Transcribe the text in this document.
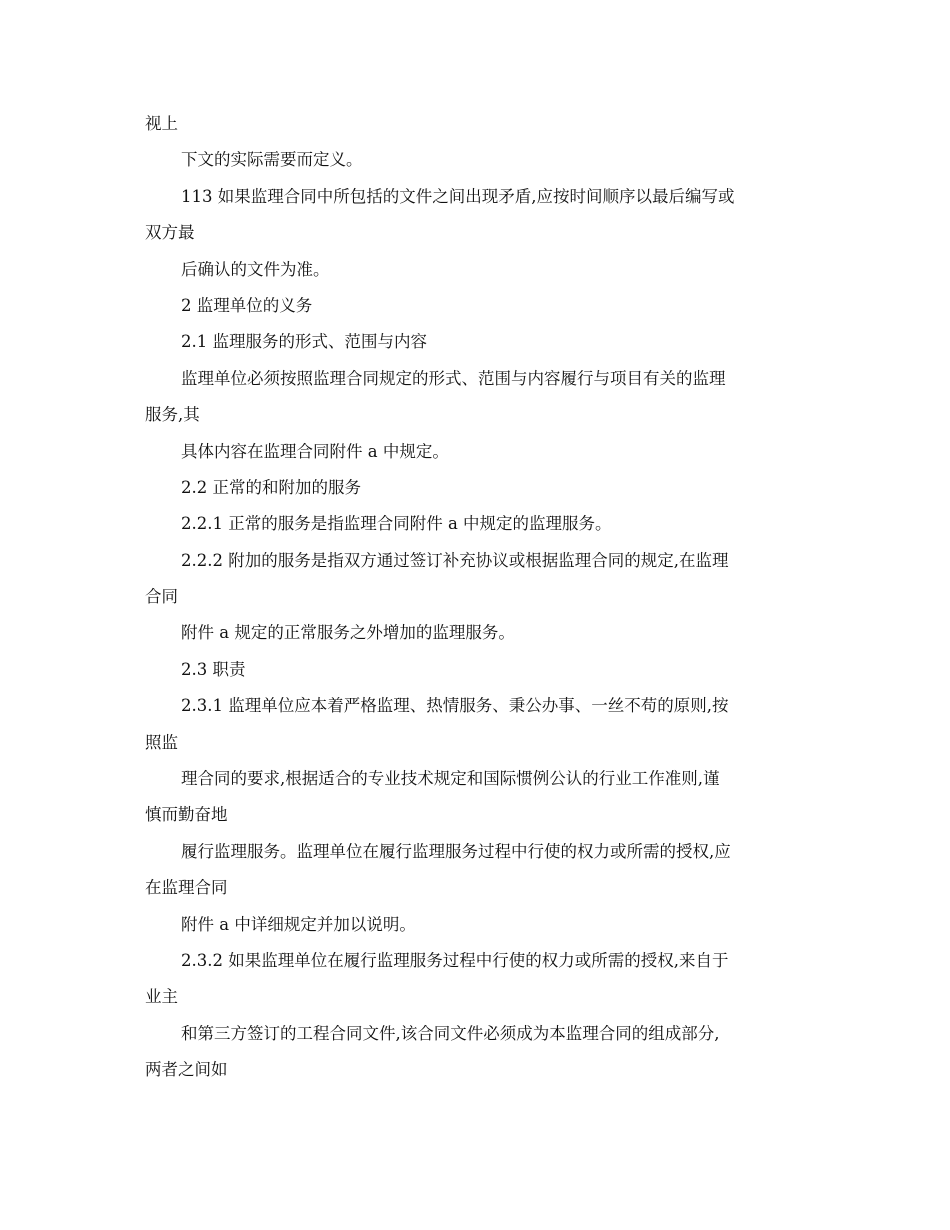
视上
下文的实际需要而定义。
113 如果监理合同中所包括的文件之间出现矛盾,应按时间顺序以最后编写或
双方最
后确认的文件为准。
2 监理单位的义务
2.1 监理服务的形式、范围与内容
监理单位必须按照监理合同规定的形式、范围与内容履行与项目有关的监理
服务,其
具体内容在监理合同附件 a 中规定。
2.2 正常的和附加的服务
2.2.1 正常的服务是指监理合同附件 a 中规定的监理服务。
2.2.2 附加的服务是指双方通过签订补充协议或根据监理合同的规定,在监理
合同
附件 a 规定的正常服务之外增加的监理服务。
2.3 职责
2.3.1 监理单位应本着严格监理、热情服务、秉公办事、一丝不苟的原则,按
照监
理合同的要求,根据适合的专业技术规定和国际惯例公认的行业工作准则,谨
慎而勤奋地
履行监理服务。监理单位在履行监理服务过程中行使的权力或所需的授权,应
在监理合同
附件 a 中详细规定并加以说明。
2.3.2 如果监理单位在履行监理服务过程中行使的权力或所需的授权,来自于
业主
和第三方签订的工程合同文件,该合同文件必须成为本监理合同的组成部分,
两者之间如
